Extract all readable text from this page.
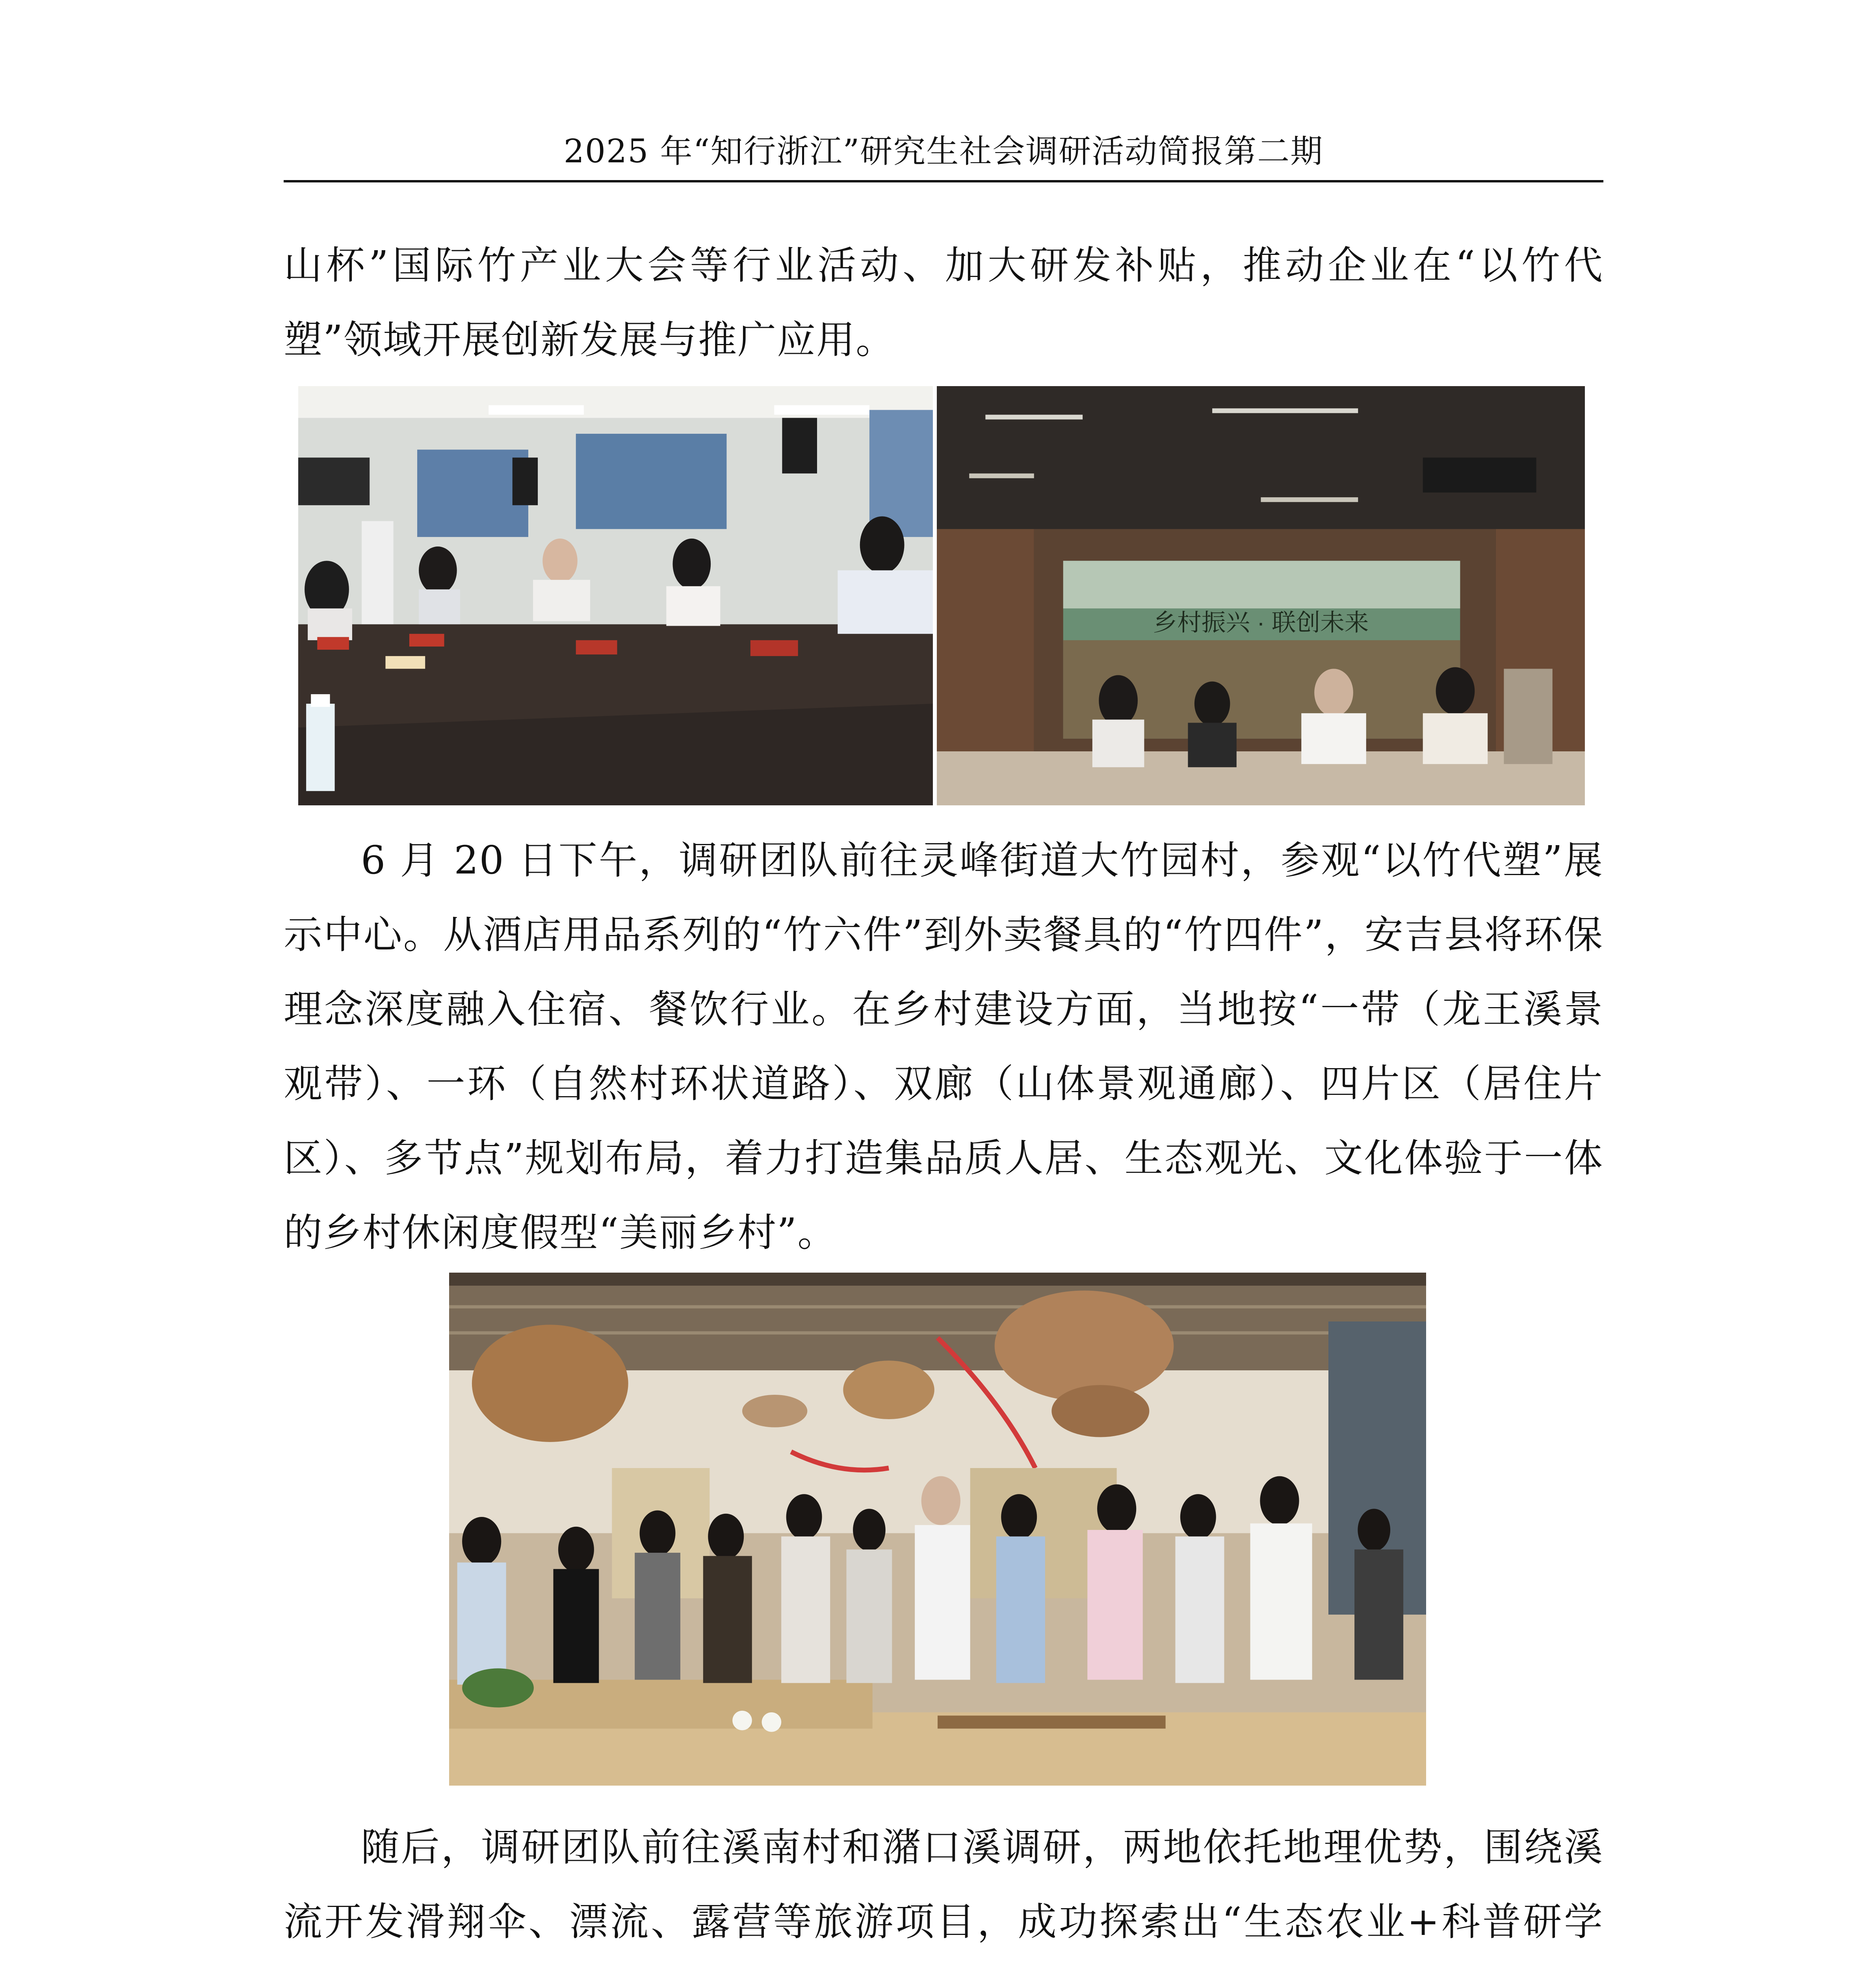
2025 年“知行浙江”研究生社会调研活动简报第二期

山杯”国际竹产业大会等行业活动、加大研发补贴，推动企业在“以竹代塑”领域开展创新发展与推广应用。

乡村振兴 · 联创未来

6 月 20 日下午，调研团队前往灵峰街道大竹园村，参观“以竹代塑”展示中心。从酒店用品系列的“竹六件”到外卖餐具的“竹四件”，安吉县将环保理念深度融入住宿、餐饮行业。在乡村建设方面，当地按“一带（龙王溪景观带）、一环（自然村环状道路）、双廊（山体景观通廊）、四片区（居住片区）、多节点”规划布局，着力打造集品质人居、生态观光、文化体验于一体的乡村休闲度假型“美丽乡村”。

随后，调研团队前往溪南村和潴口溪调研，两地依托地理优势，围绕溪流开发滑翔伞、漂流、露营等旅游项目，成功探索出“生态农业+科普研学
